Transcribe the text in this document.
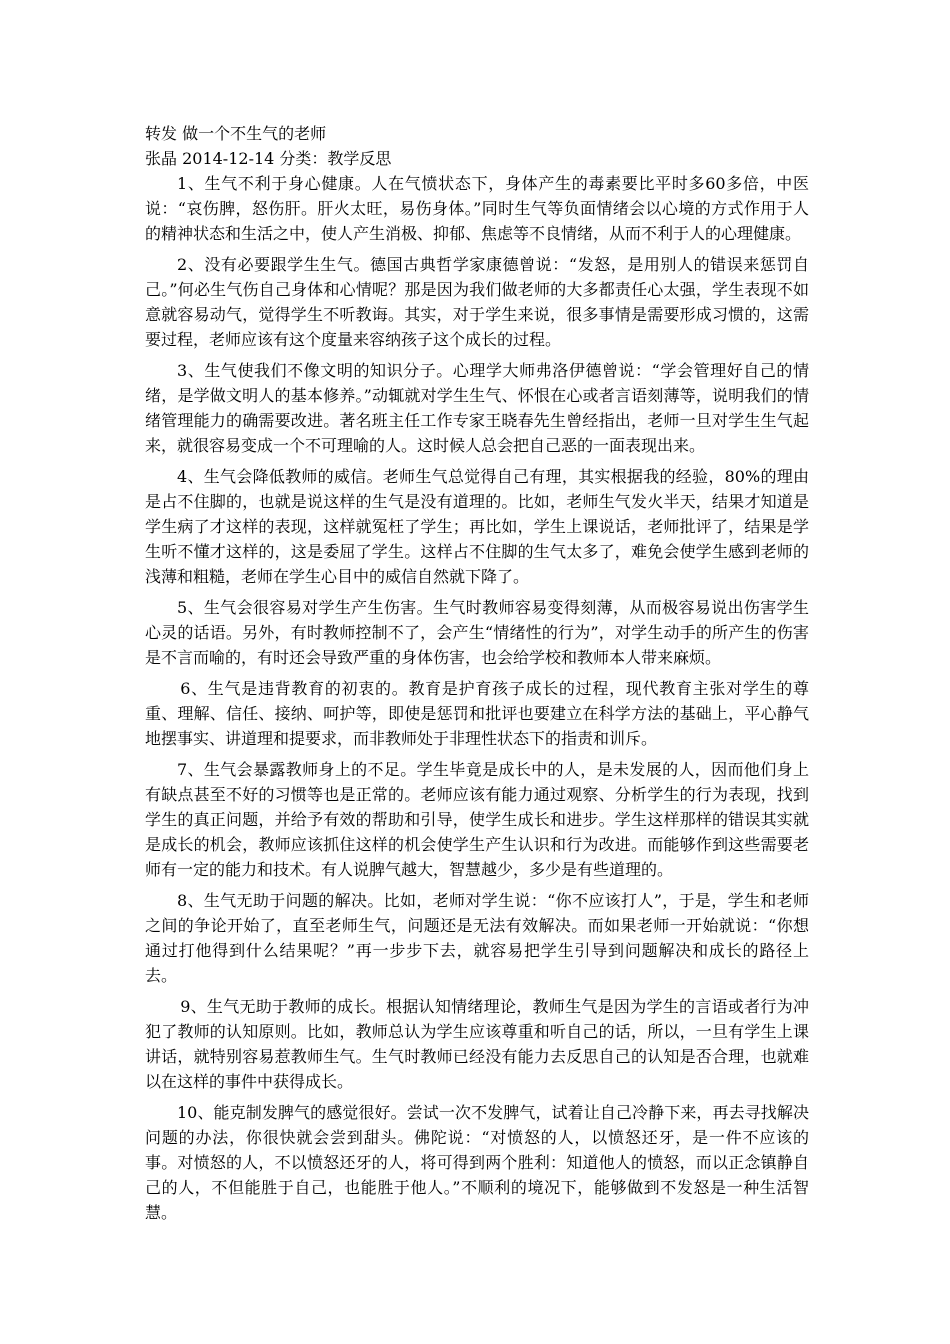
转发 做一个不生气的老师

张晶 2014-12-14 分类：教学反思

1、生气不利于身心健康。人在气愤状态下，身体产生的毒素要比平时多60多倍，中医说：“哀伤脾，怒伤肝。肝火太旺，易伤身体。”同时生气等负面情绪会以心境的方式作用于人的精神状态和生活之中，使人产生消极、抑郁、焦虑等不良情绪，从而不利于人的心理健康。

2、没有必要跟学生生气。德国古典哲学家康德曾说：“发怒，是用别人的错误来惩罚自己。”何必生气伤自己身体和心情呢？那是因为我们做老师的大多都责任心太强，学生表现不如意就容易动气，觉得学生不听教诲。其实，对于学生来说，很多事情是需要形成习惯的，这需要过程，老师应该有这个度量来容纳孩子这个成长的过程。

3、生气使我们不像文明的知识分子。心理学大师弗洛伊德曾说：“学会管理好自己的情绪，是学做文明人的基本修养。”动辄就对学生生气、怀恨在心或者言语刻薄等，说明我们的情绪管理能力的确需要改进。著名班主任工作专家王晓春先生曾经指出，老师一旦对学生生气起来，就很容易变成一个不可理喻的人。这时候人总会把自己恶的一面表现出来。

4、生气会降低教师的威信。老师生气总觉得自己有理，其实根据我的经验，80%的理由是占不住脚的，也就是说这样的生气是没有道理的。比如，老师生气发火半天，结果才知道是学生病了才这样的表现，这样就冤枉了学生；再比如，学生上课说话，老师批评了，结果是学生听不懂才这样的，这是委屈了学生。这样占不住脚的生气太多了，难免会使学生感到老师的浅薄和粗糙，老师在学生心目中的威信自然就下降了。

5、生气会很容易对学生产生伤害。生气时教师容易变得刻薄，从而极容易说出伤害学生心灵的话语。另外，有时教师控制不了，会产生“情绪性的行为”，对学生动手的所产生的伤害是不言而喻的，有时还会导致严重的身体伤害，也会给学校和教师本人带来麻烦。

6、生气是违背教育的初衷的。教育是护育孩子成长的过程，现代教育主张对学生的尊重、理解、信任、接纳、呵护等，即使是惩罚和批评也要建立在科学方法的基础上，平心静气地摆事实、讲道理和提要求，而非教师处于非理性状态下的指责和训斥。

7、生气会暴露教师身上的不足。学生毕竟是成长中的人，是未发展的人，因而他们身上有缺点甚至不好的习惯等也是正常的。老师应该有能力通过观察、分析学生的行为表现，找到学生的真正问题，并给予有效的帮助和引导，使学生成长和进步。学生这样那样的错误其实就是成长的机会，教师应该抓住这样的机会使学生产生认识和行为改进。而能够作到这些需要老师有一定的能力和技术。有人说脾气越大，智慧越少，多少是有些道理的。

8、生气无助于问题的解决。比如，老师对学生说：“你不应该打人”，于是，学生和老师之间的争论开始了，直至老师生气，问题还是无法有效解决。而如果老师一开始就说：“你想通过打他得到什么结果呢？”再一步步下去，就容易把学生引导到问题解决和成长的路径上去。

9、生气无助于教师的成长。根据认知情绪理论，教师生气是因为学生的言语或者行为冲犯了教师的认知原则。比如，教师总认为学生应该尊重和听自己的话，所以，一旦有学生上课讲话，就特别容易惹教师生气。生气时教师已经没有能力去反思自己的认知是否合理，也就难以在这样的事件中获得成长。

10、能克制发脾气的感觉很好。尝试一次不发脾气，试着让自己冷静下来，再去寻找解决问题的办法，你很快就会尝到甜头。佛陀说：“对愤怒的人，以愤怒还牙，是一件不应该的事。对愤怒的人，不以愤怒还牙的人，将可得到两个胜利：知道他人的愤怒，而以正念镇静自己的人，不但能胜于自己，也能胜于他人。”不顺利的境况下，能够做到不发怒是一种生活智慧。
